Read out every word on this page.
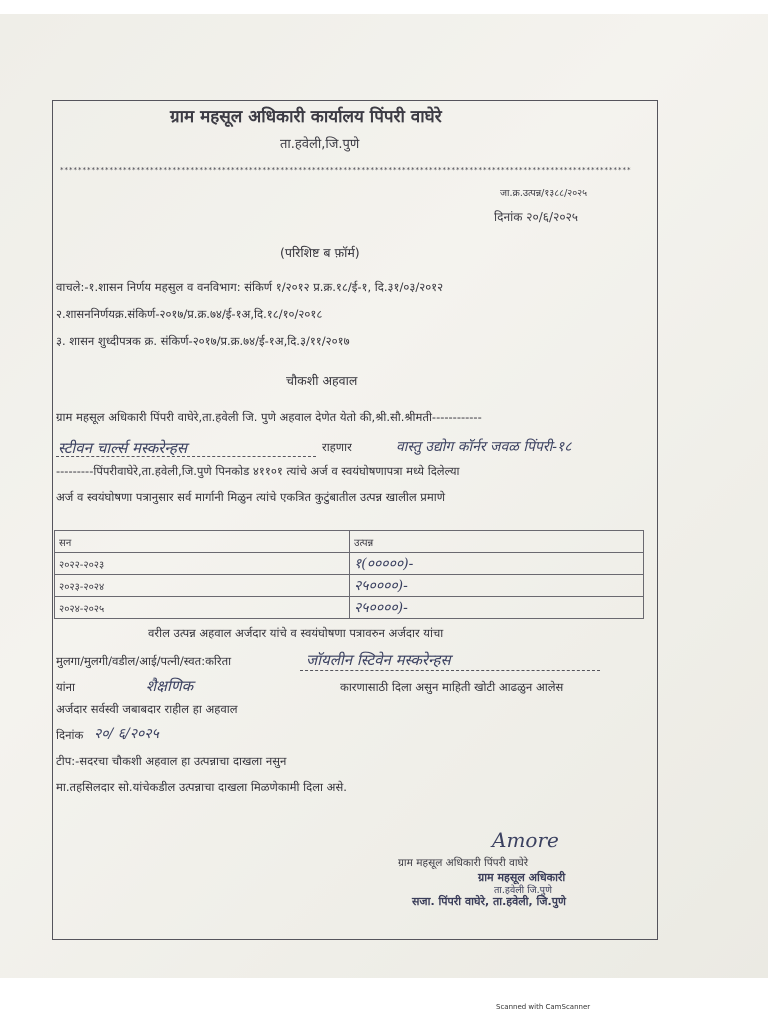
ग्राम महसूल अधिकारी कार्यालय पिंपरी वाघेरे
ता.हवेली,जि.पुणे
*******************************************************************************************************************************
जा.क्र.उत्पन्न/१३८८/२०२५
दिनांक २०/६/२०२५
(परिशिष्ट ब फ़ॉर्म)
वाचले:-१.शासन निर्णय महसुल व वनविभाग: संकिर्ण १/२०१२ प्र.क्र.१८/ई-१, दि.३१/०३/२०१२
२.शासननिर्णयक्र.संकिर्ण-२०१७/प्र.क्र.७४/ई-१अ,दि.१८/१०/२०१८
३. शासन शुध्दीपत्रक क्र. संकिर्ण-२०१७/प्र.क्र.७४/ई-१अ,दि.३/११/२०१७
चौकशी अहवाल
ग्राम महसूल अधिकारी पिंपरी वाघेरे,ता.हवेली जि. पुणे अहवाल देणेत येतो की,श्री.सौ.श्रीमती------------
स्टीवन चार्ल्स मस्करेन्हस	राहणार	वास्तु उद्योग कॉर्नर जवळ पिंपरी-१८
---------पिंपरीवाघेरे,ता.हवेली,जि.पुणे पिनकोड ४११०१ त्यांचे अर्ज व स्वयंघोषणापत्रा मध्ये दिलेल्या
अर्ज व स्वयंघोषणा पत्रानुसार सर्व मार्गानी मिळुन त्यांचे एकत्रित कुटुंबातील उत्पन्न खालील प्रमाणे
सन	उत्पन्न
२०२२-२०२३	१(०००००)-
२०२३-२०२४	२५००००)-
२०२४-२०२५	२५००००)-
वरील उत्पन्न अहवाल अर्जदार यांचे व स्वयंघोषणा पत्रावरुन अर्जदार यांचा
मुलगा/मुलगी/वडील/आई/पत्नी/स्वत:करिता	जॉयलीन स्टिवेन मस्करेन्हस
यांना	शैक्षणिक	कारणासाठी दिला असुन माहिती खोटी आढळुन आलेस
अर्जदार सर्वस्वी जबाबदार राहील हा अहवाल
दिनांक २०/ ६/२०२५
टीप:-सदरचा चौकशी अहवाल हा उत्पन्नाचा दाखला नसुन
मा.तहसिलदार सो.यांचेकडील उत्पन्नाचा दाखला मिळणेकामी दिला असे.
Amore
ग्राम महसूल अधिकारी पिंपरी वाघेरे
ग्राम महसूल अधिकारी
ता.हवेली जि.पुणे
सजा. पिंपरी वाघेरे, ता.हवेली, जि.पुणे
Scanned with CamScanner
